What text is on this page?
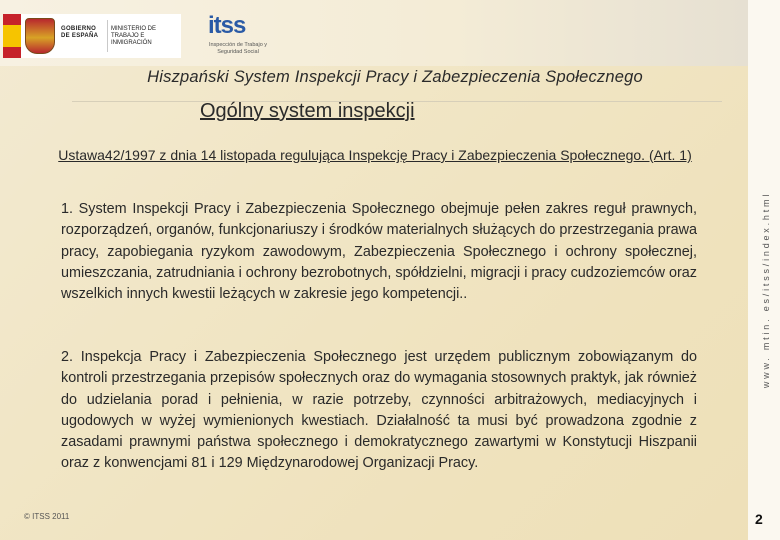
GOBIERNO DE ESPAÑA
MINISTERIO DE TRABAJO E INMIGRACIÓN
itss
Inspección de Trabajo y Seguridad Social
Hiszpański System Inspekcji Pracy i Zabezpieczenia Społecznego
Ogólny system inspekcji
Ustawa42/1997 z dnia 14 listopada regulująca Inspekcję Pracy i Zabezpieczenia Społecznego. (Art. 1)
1. System Inspekcji Pracy i Zabezpieczenia Społecznego obejmuje pełen zakres reguł prawnych, rozporządzeń, organów, funkcjonariuszy i środków materialnych służących do przestrzegania prawa pracy, zapobiegania ryzykom zawodowym, Zabezpieczenia Społecznego i ochrony społecznej, umieszczania, zatrudniania i ochrony bezrobotnych, spółdzielni, migracji i pracy cudzoziemców oraz wszelkich innych kwestii leżących w zakresie jego kompetencji..
2. Inspekcja Pracy i Zabezpieczenia Społecznego jest urzędem publicznym zobowiązanym do kontroli przestrzegania przepisów społecznych oraz do wymagania stosownych praktyk, jak również do udzielania porad i pełnienia, w razie potrzeby, czynności arbitrażowych, mediacyjnych i ugodowych w wyżej wymienionych kwestiach. Działalność ta musi być prowadzona zgodnie z zasadami prawnymi państwa społecznego i demokratycznego zawartymi w Konstytucji Hiszpanii oraz z konwencjami 81 i 129 Międzynarodowej Organizacji Pracy.
© ITSS 2011	2
www. mtin. es/itss/index.html
